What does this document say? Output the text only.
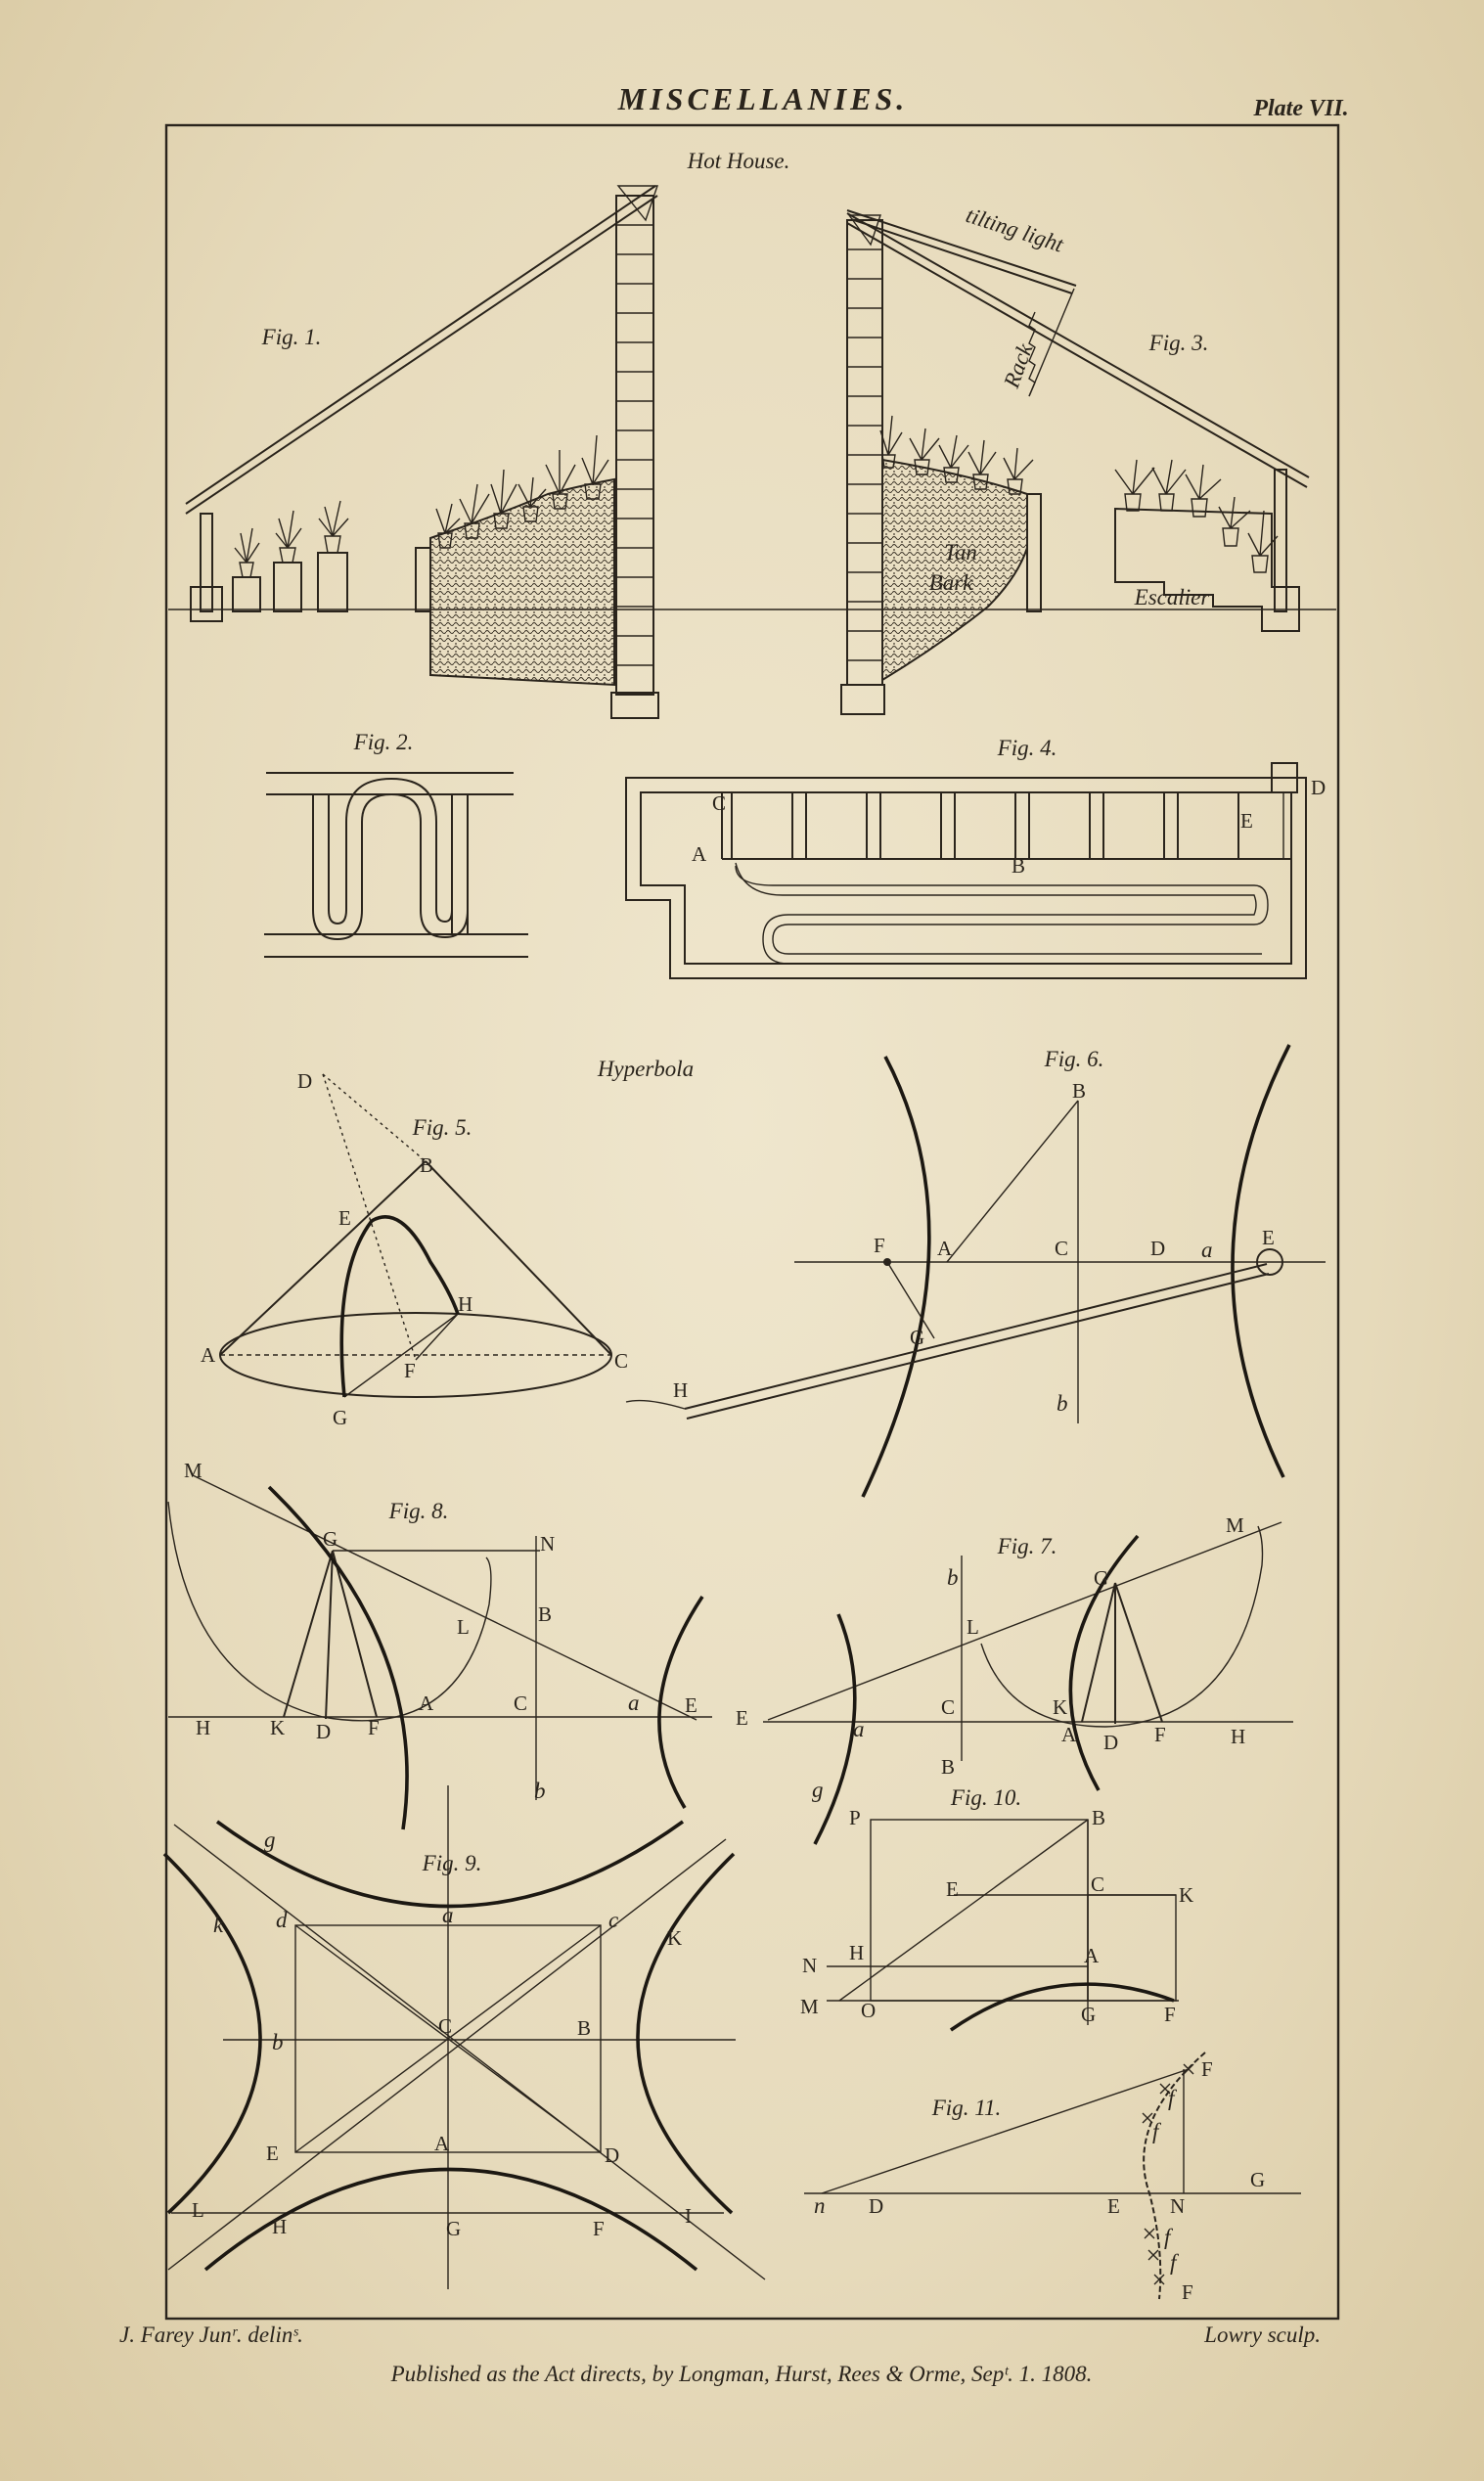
MISCELLANIES.	Plate VII.
Hot House.
Fig. 1.	Fig. 3.
tilting light
Rack
Tan
Bark
Escalier
Fig. 2.	Fig. 4.
A
C
B
E
D
Hyperbola
Fig. 5.
D
B
E
H
A	C
F
G
Fig. 6.
B
F	A	C	D a E
G
H
b
Fig. 8.
M
G	N
B
L
A	C	a E
H	K D F
b
Fig. 7.
b
L
C
B
E	a
g
G
M
K
A D F	H
Fig. 9.
g
k d	a	c
K
b
C	B
E	A	D
L
H	G	F
I
Fig. 10.
P	B
E	C	K
N
H	A
M O	G	F
Fig. 11.
F
f
f
n D	E N
G
f
f
F
J. Farey Junʳ. delinˢ.	Lowry sculp.
Published as the Act directs, by Longman, Hurst, Rees & Orme, Sepᵗ. 1. 1808.
